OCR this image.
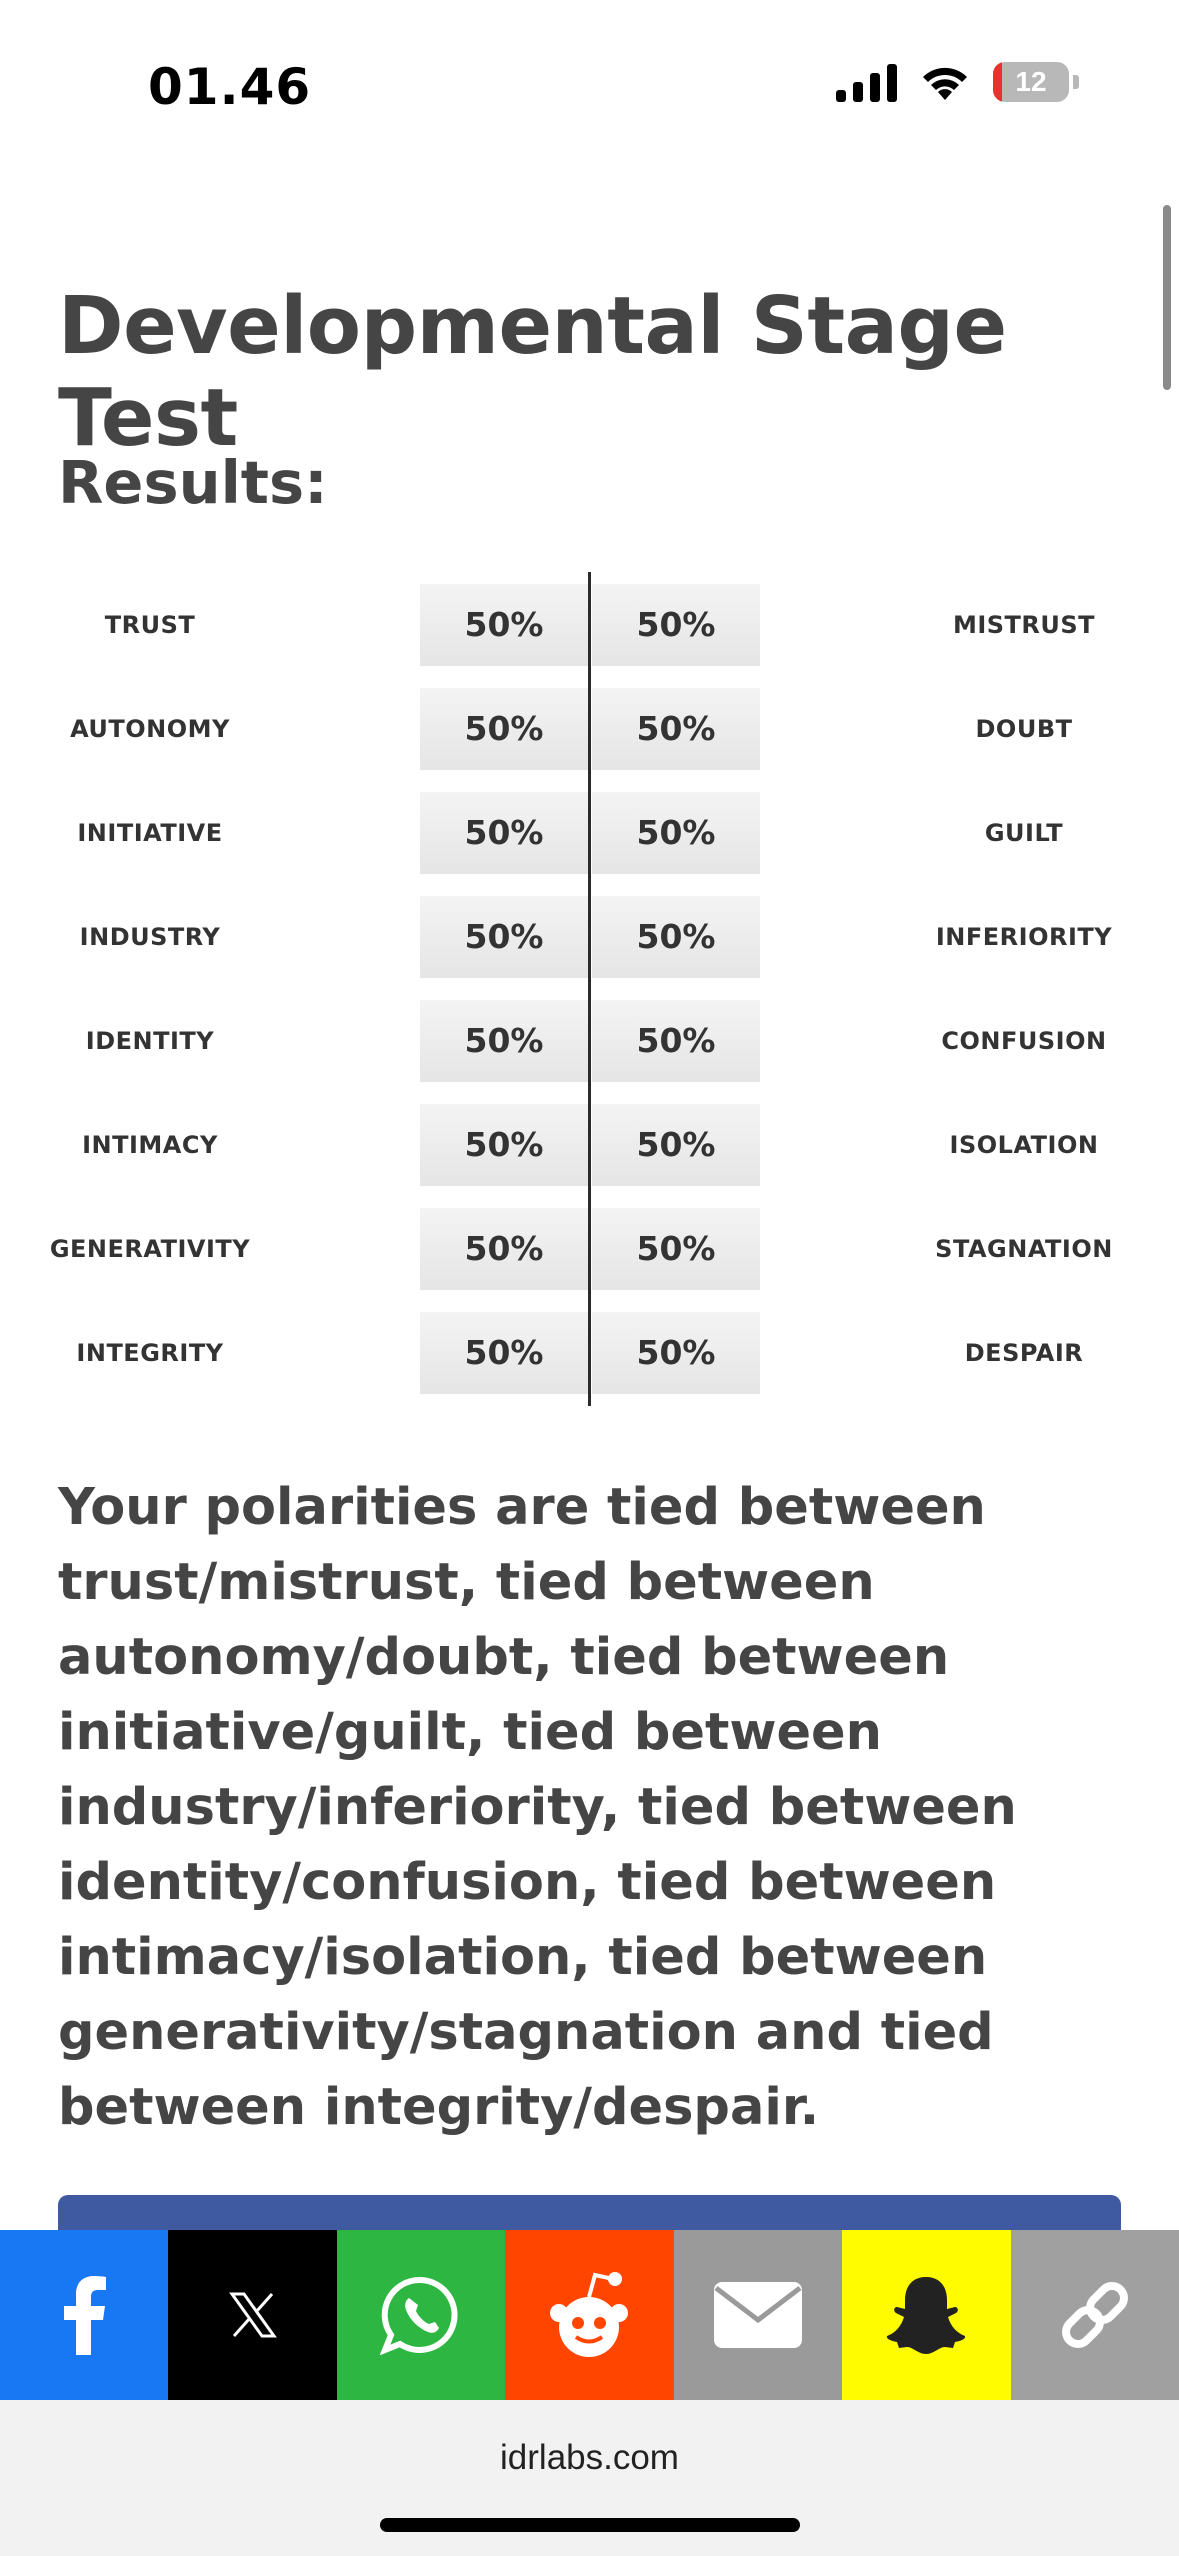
01.46	12
Developmental Stage Test
Results:
TRUST	50%	50%	MISTRUST
AUTONOMY	50%	50%	DOUBT
INITIATIVE	50%	50%	GUILT
INDUSTRY	50%	50%	INFERIORITY
IDENTITY	50%	50%	CONFUSION
INTIMACY	50%	50%	ISOLATION
GENERATIVITY	50%	50%	STAGNATION
INTEGRITY	50%	50%	DESPAIR

Your polarities are tied between trust/mistrust, tied between autonomy/doubt, tied between initiative/guilt, tied between industry/inferiority, tied between identity/confusion, tied between intimacy/isolation, tied between generativity/stagnation and tied between integrity/despair.

idrlabs.com
